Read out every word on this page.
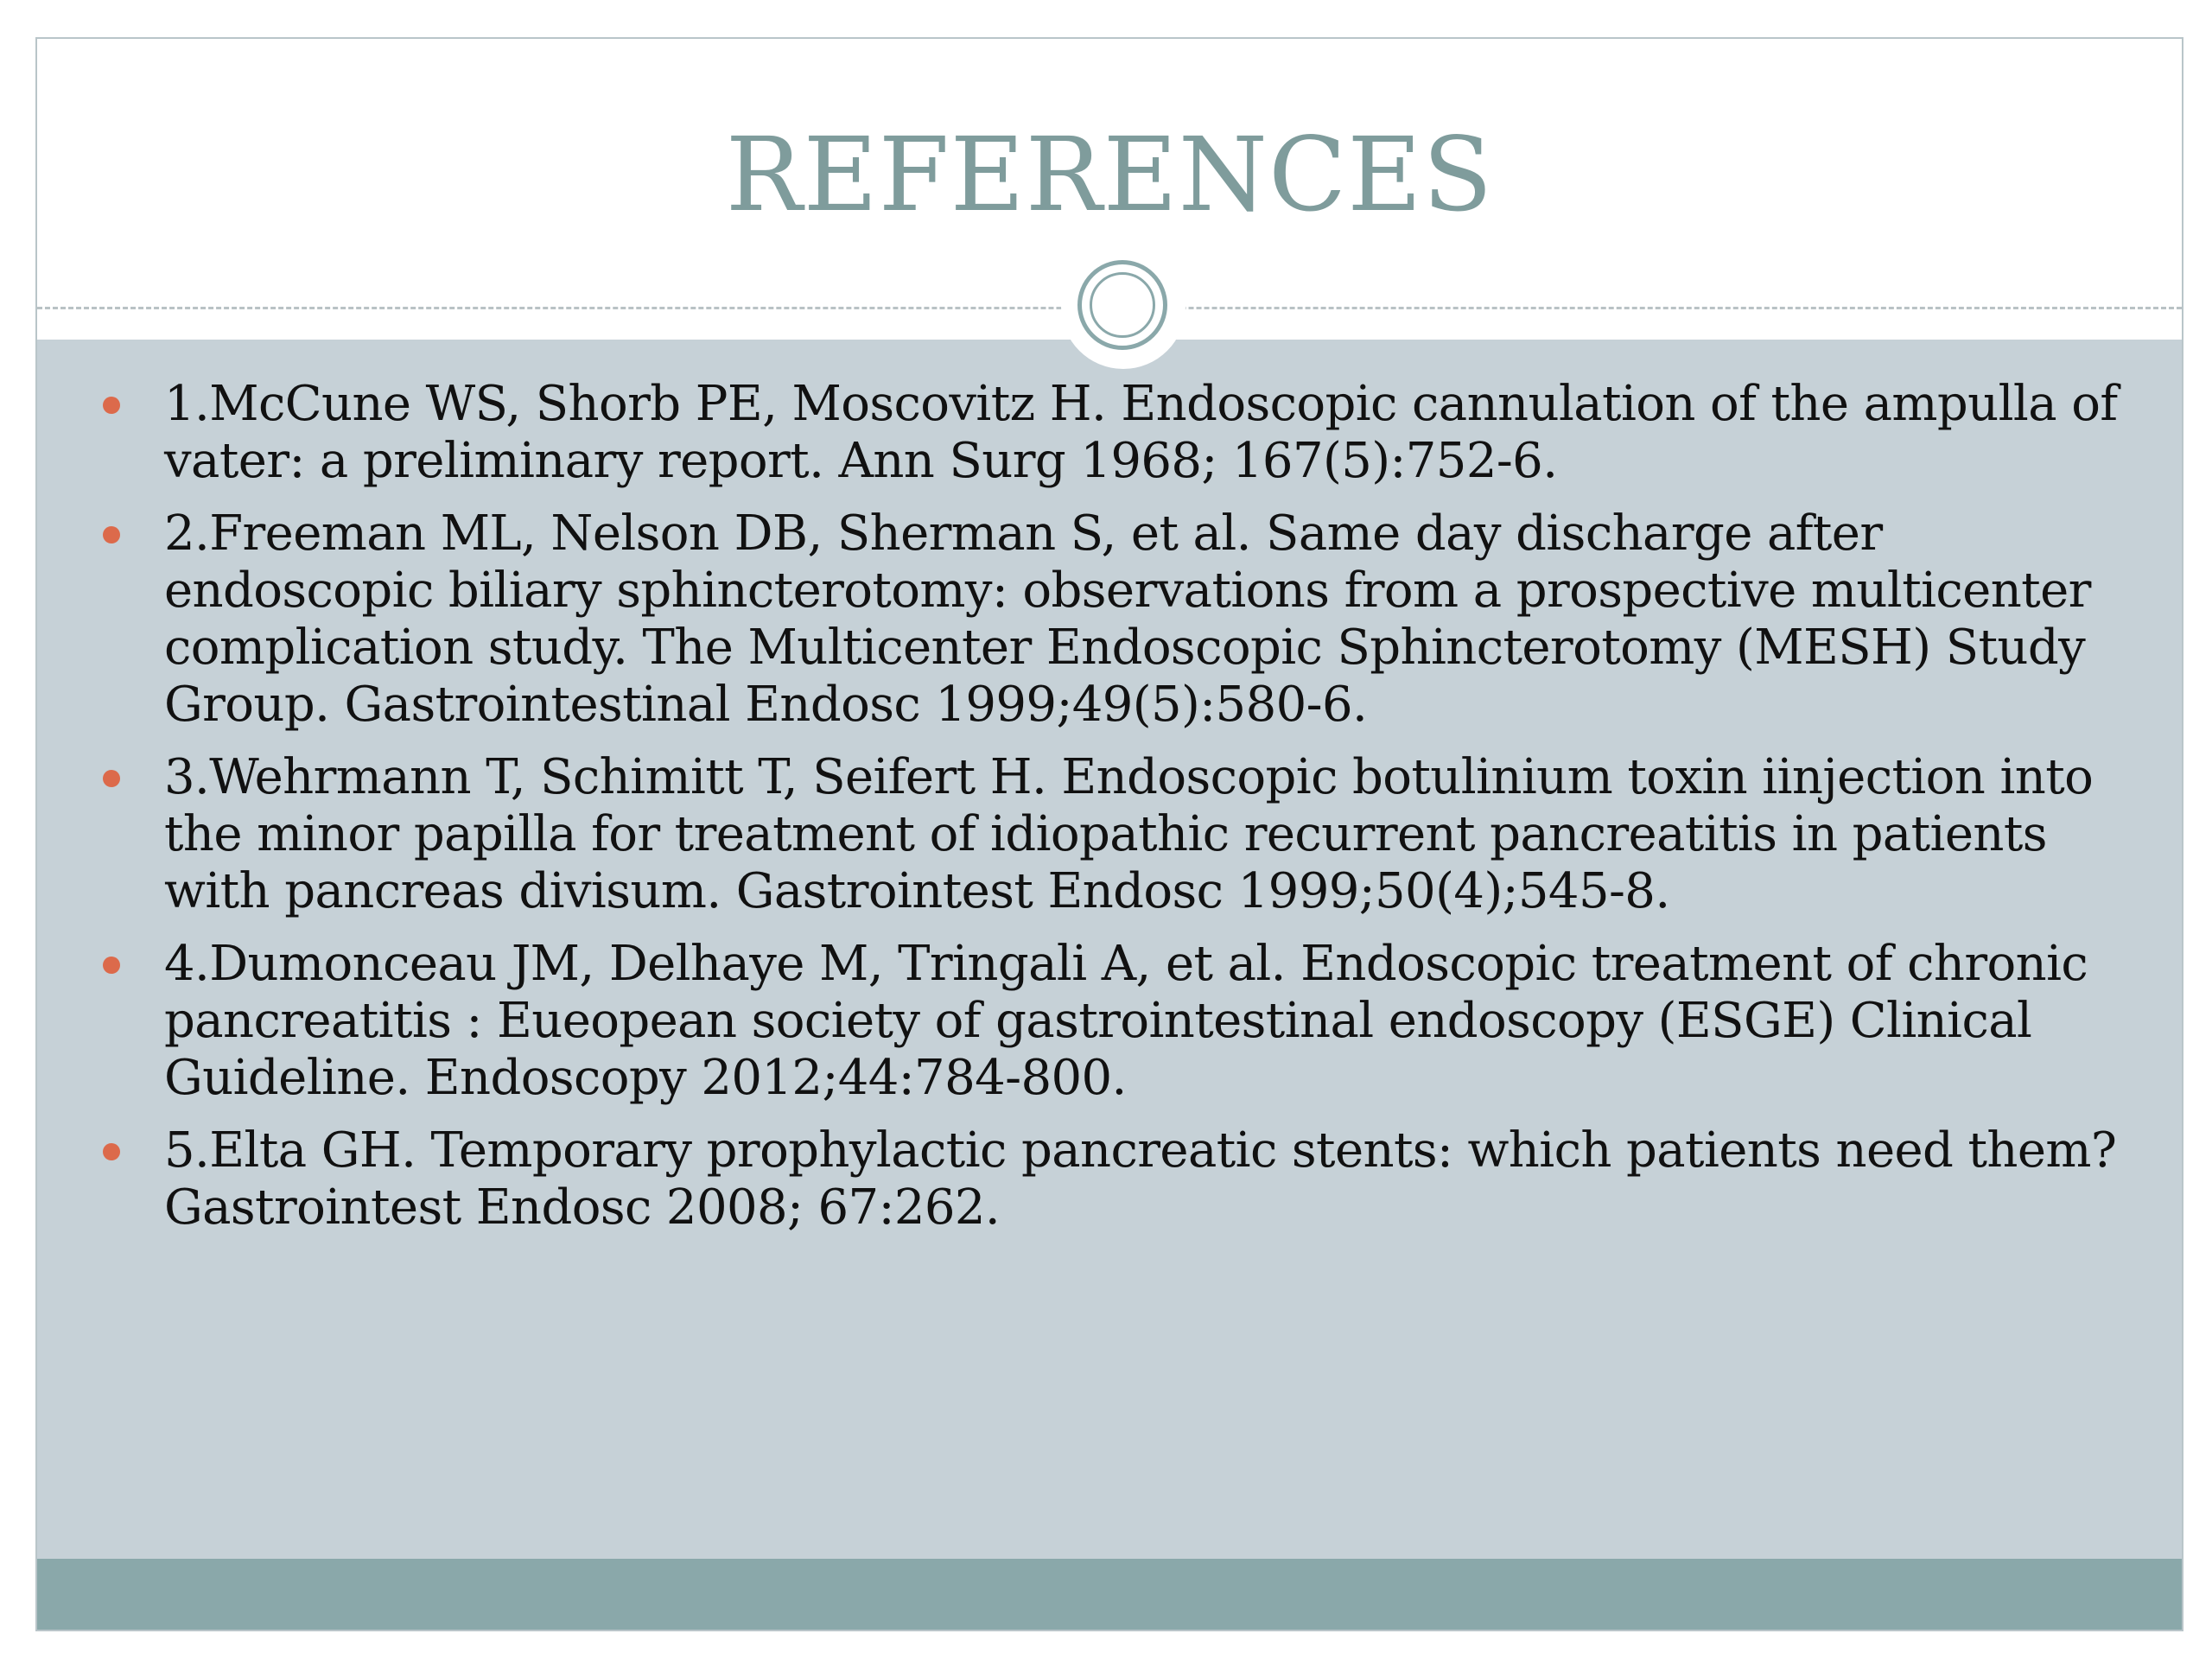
REFERENCES
1.McCune WS, Shorb PE, Moscovitz H. Endoscopic cannulation of the ampulla of vater: a preliminary report. Ann Surg 1968; 167(5):752-6.
2.Freeman ML, Nelson DB, Sherman S, et al. Same day discharge after endoscopic biliary sphincterotomy: observations from a prospective multicenter complication study. The Multicenter Endoscopic Sphincterotomy (MESH) Study Group. Gastrointestinal Endosc 1999;49(5):580-6.
3.Wehrmann T, Schimitt T, Seifert H. Endoscopic botulinium toxin iinjection into the minor papilla for treatment of idiopathic recurrent pancreatitis in patients with pancreas divisum. Gastrointest Endosc 1999;50(4);545-8.
4.Dumonceau JM, Delhaye M, Tringali A, et al. Endoscopic treatment of chronic pancreatitis : Eueopean society of gastrointestinal endoscopy (ESGE) Clinical Guideline. Endoscopy 2012;44:784-800.
5.Elta GH. Temporary prophylactic pancreatic stents: which patients need them? Gastrointest Endosc 2008; 67:262.
